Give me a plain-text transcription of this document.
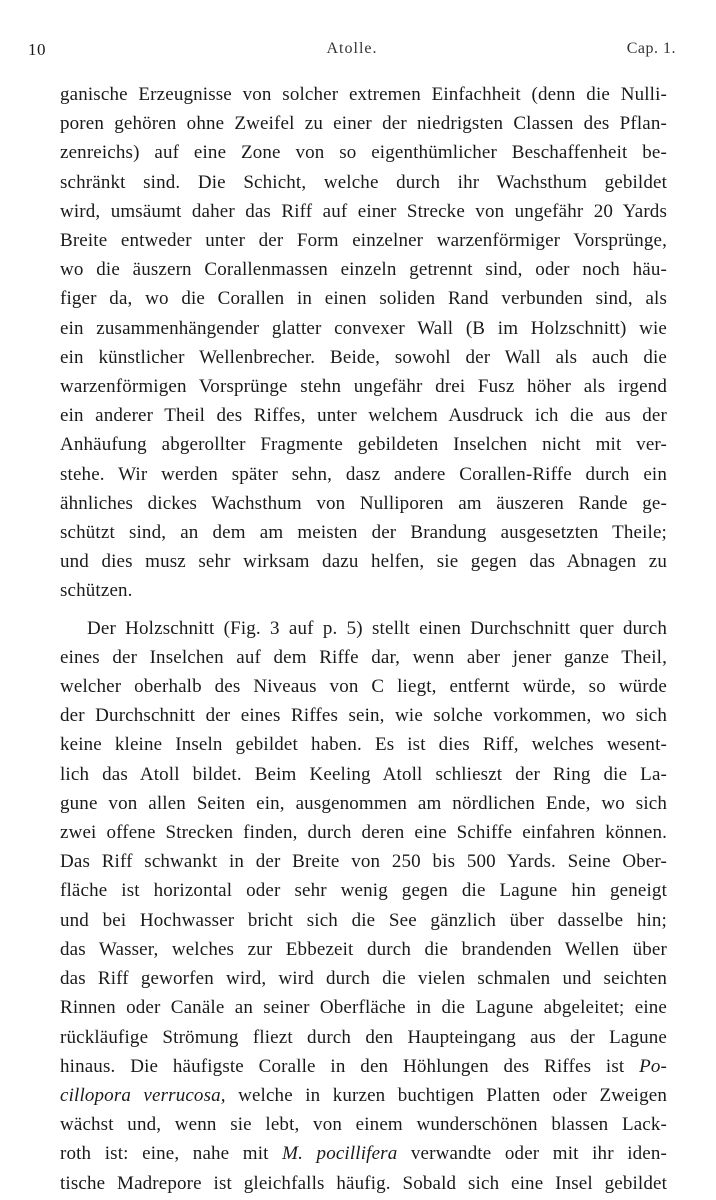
10	Atolle.	Cap. 1.

ganische Erzeugnisse von solcher extremen Einfachheit (denn die Nulli-
poren gehören ohne Zweifel zu einer der niedrigsten Classen des Pflan-
zenreichs) auf eine Zone von so eigenthümlicher Beschaffenheit be-
schränkt sind. Die Schicht, welche durch ihr Wachsthum gebildet
wird, umsäumt daher das Riff auf einer Strecke von ungefähr 20 Yards
Breite entweder unter der Form einzelner warzenförmiger Vorsprünge,
wo die äuszern Corallenmassen einzeln getrennt sind, oder noch häu-
figer da, wo die Corallen in einen soliden Rand verbunden sind, als
ein zusammenhängender glatter convexer Wall (B im Holzschnitt) wie
ein künstlicher Wellenbrecher. Beide, sowohl der Wall als auch die
warzenförmigen Vorsprünge stehn ungefähr drei Fusz höher als irgend
ein anderer Theil des Riffes, unter welchem Ausdruck ich die aus der
Anhäufung abgerollter Fragmente gebildeten Inselchen nicht mit ver-
stehe. Wir werden später sehn, dasz andere Corallen-Riffe durch ein
ähnliches dickes Wachsthum von Nulliporen am äuszeren Rande ge-
schützt sind, an dem am meisten der Brandung ausgesetzten Theile;
und dies musz sehr wirksam dazu helfen, sie gegen das Abnagen zu
schützen.

Der Holzschnitt (Fig. 3 auf p. 5) stellt einen Durchschnitt quer durch
eines der Inselchen auf dem Riffe dar, wenn aber jener ganze Theil,
welcher oberhalb des Niveaus von C liegt, entfernt würde, so würde
der Durchschnitt der eines Riffes sein, wie solche vorkommen, wo sich
keine kleine Inseln gebildet haben. Es ist dies Riff, welches wesent-
lich das Atoll bildet. Beim Keeling Atoll schlieszt der Ring die La-
gune von allen Seiten ein, ausgenommen am nördlichen Ende, wo sich
zwei offene Strecken finden, durch deren eine Schiffe einfahren können.
Das Riff schwankt in der Breite von 250 bis 500 Yards. Seine Ober-
fläche ist horizontal oder sehr wenig gegen die Lagune hin geneigt
und bei Hochwasser bricht sich die See gänzlich über dasselbe hin;
das Wasser, welches zur Ebbezeit durch die brandenden Wellen über
das Riff geworfen wird, wird durch die vielen schmalen und seichten
Rinnen oder Canäle an seiner Oberfläche in die Lagune abgeleitet; eine
rückläufige Strömung fliezt durch den Haupteingang aus der Lagune
hinaus. Die häufigste Coralle in den Höhlungen des Riffes ist Po-
cillopora verrucosa, welche in kurzen buchtigen Platten oder Zweigen
wächst und, wenn sie lebt, von einem wunderschönen blassen Lack-
roth ist: eine, nahe mit M. pocillifera verwandte oder mit ihr iden-
tische Madrepore ist gleichfalls häufig. Sobald sich eine Insel gebildet
